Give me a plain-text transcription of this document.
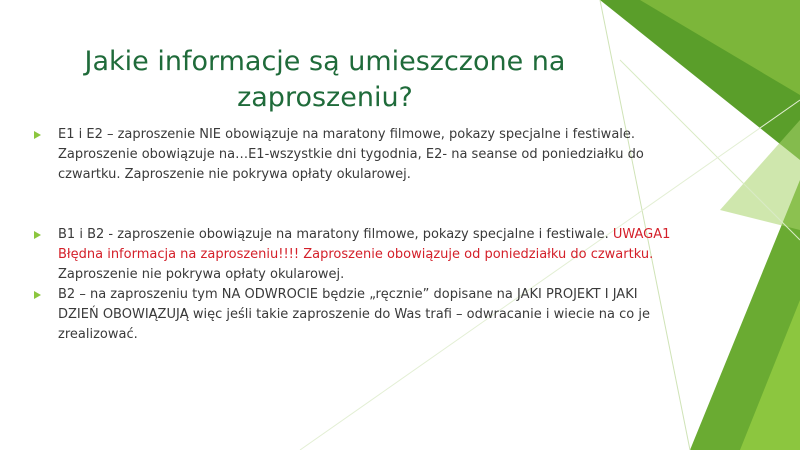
Jakie informacje są umieszczone na zaproszeniu?
E1 i E2 – zaproszenie NIE obowiązuje na maratony filmowe, pokazy specjalne i festiwale. Zaproszenie obowiązuje na…E1-wszystkie dni tygodnia, E2- na seanse od poniedziałku do czwartku. Zaproszenie nie pokrywa opłaty okularowej.
B1 i B2 - zaproszenie obowiązuje na maratony filmowe, pokazy specjalne i festiwale. UWAGA1 Błędna informacja na zaproszeniu!!!! Zaproszenie obowiązuje od poniedziałku do czwartku. Zaproszenie nie pokrywa opłaty okularowej.
B2 – na zaproszeniu tym NA ODWROCIE będzie „ręcznie” dopisane na JAKI PROJEKT I JAKI DZIEŃ OBOWIĄZUJĄ więc jeśli takie zaproszenie do Was trafi – odwracanie i wiecie na co je zrealizować.
